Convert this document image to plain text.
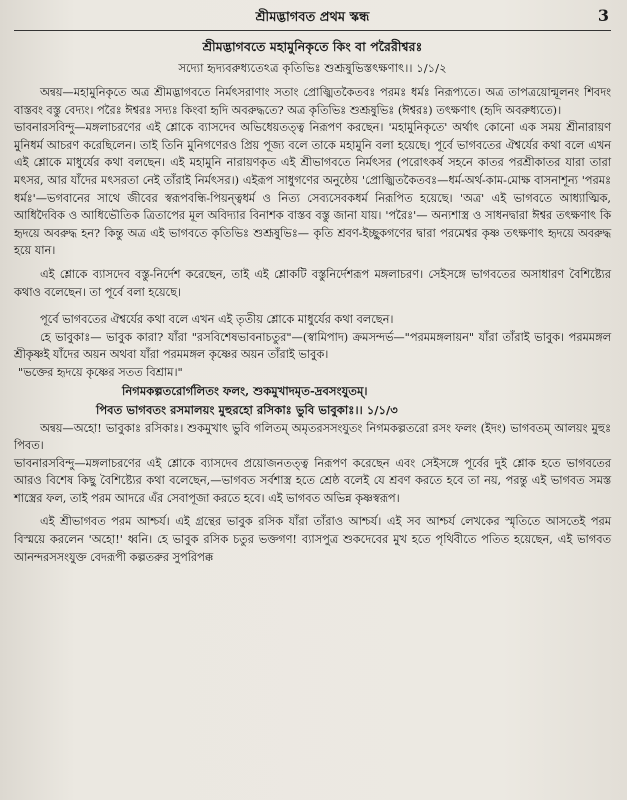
শ্রীমদ্ভাগবত প্রথম স্কন্ধ	3
শ্রীমদ্ভাগবতে মহামুনিকৃতে কিং বা পরৈরীশ্বরঃ
সদ্যো হৃদ্যবরুধ্যতেঽত্র কৃতিভিঃ শুশ্রূষুভিস্তৎক্ষণাৎ।। ১/১/২

অন্বয়—মহামুনিকৃতে অত্র শ্রীমদ্ভাগবতে নির্মৎসরাণাং সতাং প্রোজ্ঝিতকৈতবঃ পরমঃ ধর্মঃ নিরূপ্যতে। অত্র তাপত্রয়োন্মূলনং শিবদং বাস্তবং বস্তু বেদ্যং। পরৈঃ ঈশ্বরঃ সদ্যঃ কিংবা হৃদি অবরুদ্ধতে? অত্র কৃতিভিঃ শুশ্রূষুভিঃ (ঈশ্বরঃ) তৎক্ষণাৎ (হৃদি অবরুধ্যতে)।

ভাবনারসবিন্দু—মঙ্গলাচরণের এই শ্লোকে ব্যাসদেব অভিধেয়তত্ত্ব নিরূপণ করছেন। 'মহামুনিকৃতে' অর্থাৎ কোনো এক সময় শ্রীনারায়ণ মুনিধর্ম আচরণ করেছিলেন। তাই তিনি মুনিগণেরও প্রিয় পূজ্য বলে তাকে মহামুনি বলা হয়েছে। পূর্বে ভাগবতের ঐশ্বর্যের কথা বলে এখন এই শ্লোকে মাধুর্যের কথা বলছেন। এই মহামুনি নারায়ণকৃত এই শ্রীভাগবতে নির্মৎসর (পরোৎকর্ষ সহনে কাতর পরশ্রীকাতর যারা তারা মৎসর, আর যাঁদের মৎসরতা নেই তাঁরাই নির্মৎসর।) এইরূপ সাধুগণের অনুষ্ঠেয় 'প্রোজ্ঝিতকৈতবঃ—ধর্ম-অর্থ-কাম-মোক্ষ বাসনাশূন্য 'পরমঃ ধর্মঃ'—ভগবানের সাথে জীবের স্বরূপবন্ধি-পিয়ন্ত্বধর্ম ও নিত্য সেব্যসেবকধর্ম নিরূপিত হয়েছে। 'অত্র' এই ভাগবতে আধ্যাত্মিক, আধিদৈবিক ও আধিভৌতিক ত্রিতাপের মূল অবিদ্যার বিনাশক বাস্তব বস্তু জানা যায়। 'পরৈঃ'— অন্যশাস্ত্র ও সাধনদ্বারা ঈশ্বর তৎক্ষণাৎ কি হৃদয়ে অবরুদ্ধ হন? কিন্তু অত্র এই ভাগবতে কৃতিভিঃ শুশ্রূষুভিঃ— কৃতি শ্রবণ-ইচ্ছুকগণের দ্বারা পরমেশ্বর কৃষ্ণ তৎক্ষণাৎ হৃদয়ে অবরুদ্ধ হয়ে যান।

এই শ্লোকে ব্যাসদেব বস্তু-নির্দেশ করেছেন, তাই এই শ্লোকটি বস্তুনির্দেশরূপ মঙ্গলাচরণ। সেইসঙ্গে ভাগবতের অসাধারণ বৈশিষ্ট্যের কথাও বলেছেন। তা পূর্বে বলা হয়েছে।

পূর্বে ভাগবতের ঐশ্বর্যের কথা বলে এখন এই তৃতীয় শ্লোকে মাধুর্যের কথা বলছেন।

হে ভাবুকাঃ— ভাবুক কারা? যাঁরা "রসবিশেষভাবনাচতুর"—(স্বামিপাদ) ক্রমসন্দর্ভ—"পরমমঙ্গলায়ন" যাঁরা তাঁরাই ভাবুক। পরমমঙ্গল শ্রীকৃষ্ণই যাঁদের অয়ন অথবা যাঁরা পরমমঙ্গল কৃষ্ণের অয়ন তাঁরাই ভাবুক।

"ভক্তের হৃদয়ে কৃষ্ণের সতত বিশ্রাম।"

নিগমকল্পতরোর্গলিতং ফলং, শুকমুখাদমৃত-দ্রবসংযুতম্।

পিবত ভাগবতং রসমালয়ং মুহুরহো রসিকাঃ ভুবি ভাবুকাঃ।। ১/১/৩

অন্বয়—অহো! ভাবুকাঃ রসিকাঃ। শুকমুখাৎ ভুবি গলিতম্ অমৃতরসসংযুতং নিগমকল্পতরো রসং ফলং (ইদং) ভাগবতম্ আলয়ং মুহুঃ পিবত।

ভাবনারসবিন্দু—মঙ্গলাচরণের এই শ্লোকে ব্যাসদেব প্রয়োজনতত্ত্ব নিরূপণ করেছেন এবং সেইসঙ্গে পূর্বের দুই শ্লোক হতে ভাগবতের আরও বিশেষ কিছু বৈশিষ্ট্যের কথা বলেছেন,—ভাগবত সর্বশাস্ত্র হতে শ্রেষ্ঠ বলেই যে শ্রবণ করতে হবে তা নয়, পরন্তু এই ভাগবত সমস্ত শাস্ত্রের ফল, তাই পরম আদরে এঁর সেবাপূজা করতে হবে। এই ভাগবত অভিন্ন কৃষ্ণস্বরূপ।

এই শ্রীভাগবত পরম আশ্চর্য। এই গ্রন্থের ভাবুক রসিক যাঁরা তাঁরাও আশ্চর্য। এই সব আশ্চর্য লেখকের স্মৃতিতে আসতেই পরম বিস্ময়ে করলেন 'অহো!' ধ্বনি। হে ভাবুক রসিক চতুর ভক্তগণ! ব্যাসপুত্র শুকদেবের মুখ হতে পৃথিবীতে পতিত হয়েছেন, এই ভাগবত আনন্দরসসংযুক্ত বেদরূপী কল্পতরুর সুপরিপক্ক
